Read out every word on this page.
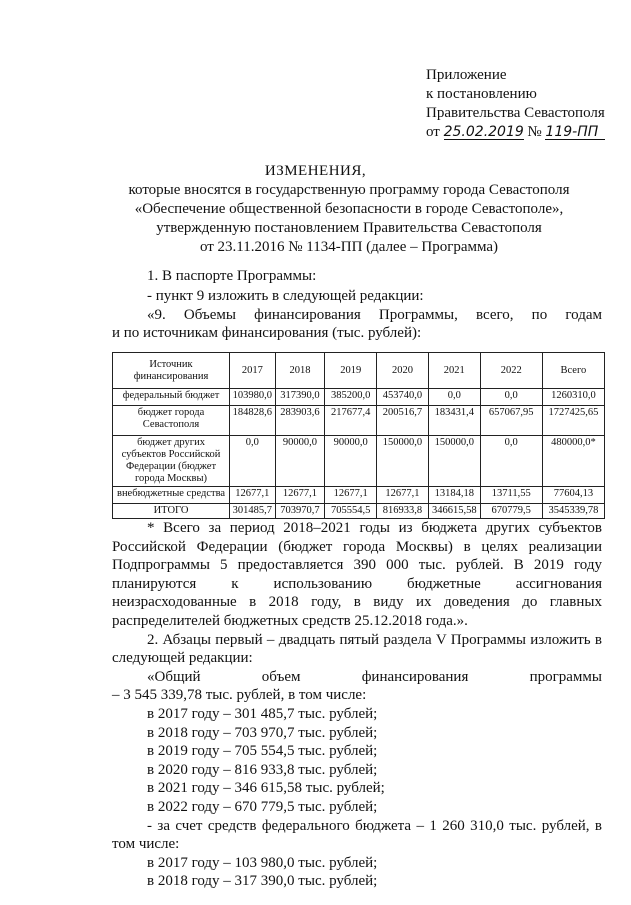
Приложение
к постановлению
Правительства Севастополя
от 25.02.2019 № 119-ПП
ИЗМЕНЕНИЯ,
которые вносятся в государственную программу города Севастополя
«Обеспечение общественной безопасности в городе Севастополе»,
утвержденную постановлением Правительства Севастополя
от 23.11.2016 № 1134-ПП (далее – Программа)
1. В паспорте Программы:
- пункт 9 изложить в следующей редакции:
«9. Объемы финансирования Программы, всего, по годам
и по источникам финансирования (тыс. рублей):
Источник финансирования	2017	2018	2019	2020	2021	2022	Всего
федеральный бюджет	103980,0	317390,0	385200,0	453740,0	0,0	0,0	1260310,0
бюджет города Севастополя	184828,6	283903,6	217677,4	200516,7	183431,4	657067,95	1727425,65
бюджет других субъектов Российской Федерации (бюджет города Москвы)	0,0	90000,0	90000,0	150000,0	150000,0	0,0	480000,0*
внебюджетные средства	12677,1	12677,1	12677,1	12677,1	13184,18	13711,55	77604,13
ИТОГО	301485,7	703970,7	705554,5	816933,8	346615,58	670779,5	3545339,78

* Всего за период 2018–2021 годы из бюджета других субъектов Российской Федерации (бюджет города Москвы) в целях реализации Подпрограммы 5 предоставляется 390 000 тыс. рублей. В 2019 году планируются к использованию бюджетные ассигнования неизрасходованные в 2018 году, в виду их доведения до главных распределителей бюджетных средств 25.12.2018 года.».

2. Абзацы первый – двадцать пятый раздела V Программы изложить в следующей редакции:

«Общий объем финансирования программы

– 3 545 339,78 тыс. рублей, в том числе:

в 2017 году – 301 485,7 тыс. рублей;

в 2018 году – 703 970,7 тыс. рублей;

в 2019 году – 705 554,5 тыс. рублей;

в 2020 году – 816 933,8 тыс. рублей;

в 2021 году – 346 615,58 тыс. рублей;

в 2022 году – 670 779,5 тыс. рублей;

- за счет средств федерального бюджета – 1 260 310,0 тыс. рублей, в том числе:

в 2017 году – 103 980,0 тыс. рублей;

в 2018 году – 317 390,0 тыс. рублей;
